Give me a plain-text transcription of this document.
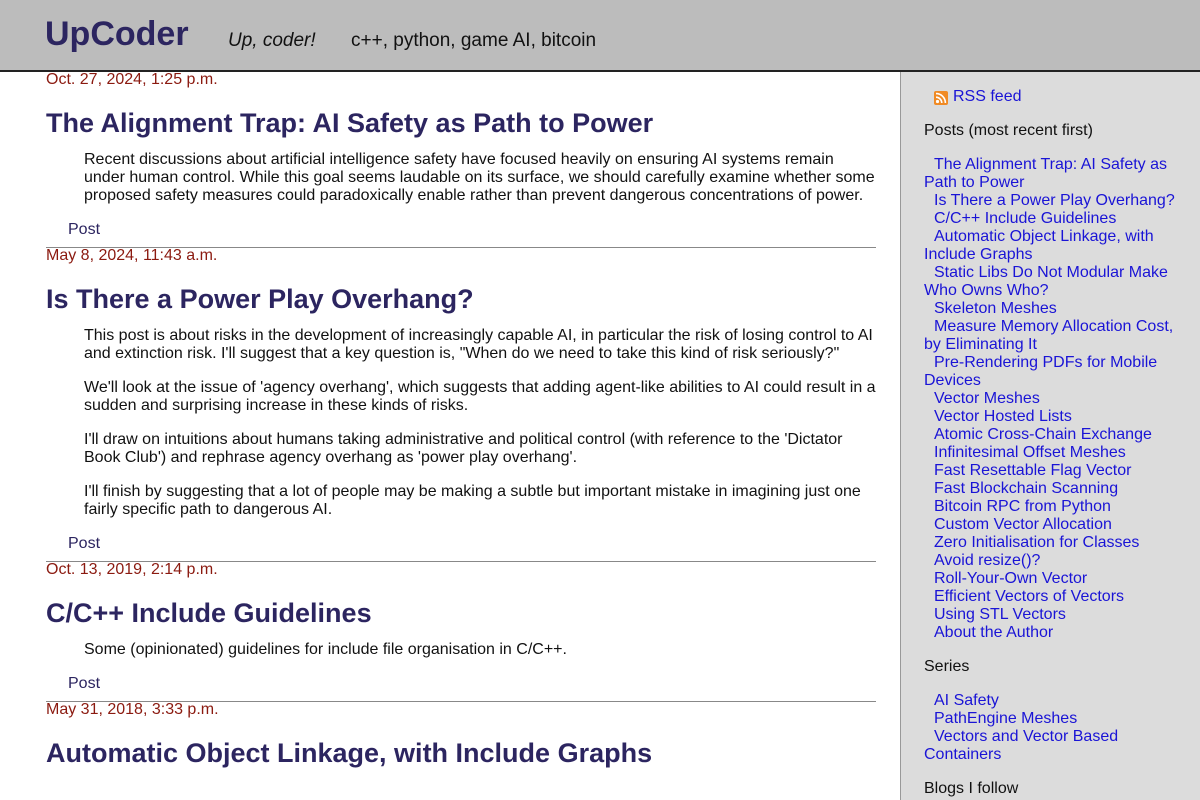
UpCoder Up, coder! c++, python, game AI, bitcoin
Oct. 27, 2024, 1:25 p.m.
The Alignment Trap: AI Safety as Path to Power

Recent discussions about artificial intelligence safety have focused heavily on ensuring AI systems remain under human control. While this goal seems laudable on its surface, we should carefully examine whether some proposed safety measures could paradoxically enable rather than prevent dangerous concentrations of power.

Post
May 8, 2024, 11:43 a.m.
Is There a Power Play Overhang?

This post is about risks in the development of increasingly capable AI, in particular the risk of losing control to AI and extinction risk. I'll suggest that a key question is, "When do we need to take this kind of risk seriously?"

We'll look at the issue of 'agency overhang', which suggests that adding agent-like abilities to AI could result in a sudden and surprising increase in these kinds of risks.

I'll draw on intuitions about humans taking administrative and political control (with reference to the 'Dictator Book Club') and rephrase agency overhang as 'power play overhang'.

I'll finish by suggesting that a lot of people may be making a subtle but important mistake in imagining just one fairly specific path to dangerous AI.

Post
Oct. 13, 2019, 2:14 p.m.
C/C++ Include Guidelines

Some (opinionated) guidelines for include file organisation in C/C++.

Post
May 31, 2018, 3:33 p.m.
Automatic Object Linkage, with Include Graphs
RSS feed
Posts (most recent first)
The Alignment Trap: AI Safety as Path to Power
Is There a Power Play Overhang?
C/C++ Include Guidelines
Automatic Object Linkage, with Include Graphs
Static Libs Do Not Modular Make Who Owns Who?
Skeleton Meshes
Measure Memory Allocation Cost, by Eliminating It
Pre-Rendering PDFs for Mobile Devices
Vector Meshes
Vector Hosted Lists
Atomic Cross-Chain Exchange
Infinitesimal Offset Meshes
Fast Resettable Flag Vector
Fast Blockchain Scanning
Bitcoin RPC from Python
Custom Vector Allocation
Zero Initialisation for Classes
Avoid resize()?
Roll-Your-Own Vector
Efficient Vectors of Vectors
Using STL Vectors
About the Author
Series
AI Safety
PathEngine Meshes
Vectors and Vector Based Containers
Blogs I follow
